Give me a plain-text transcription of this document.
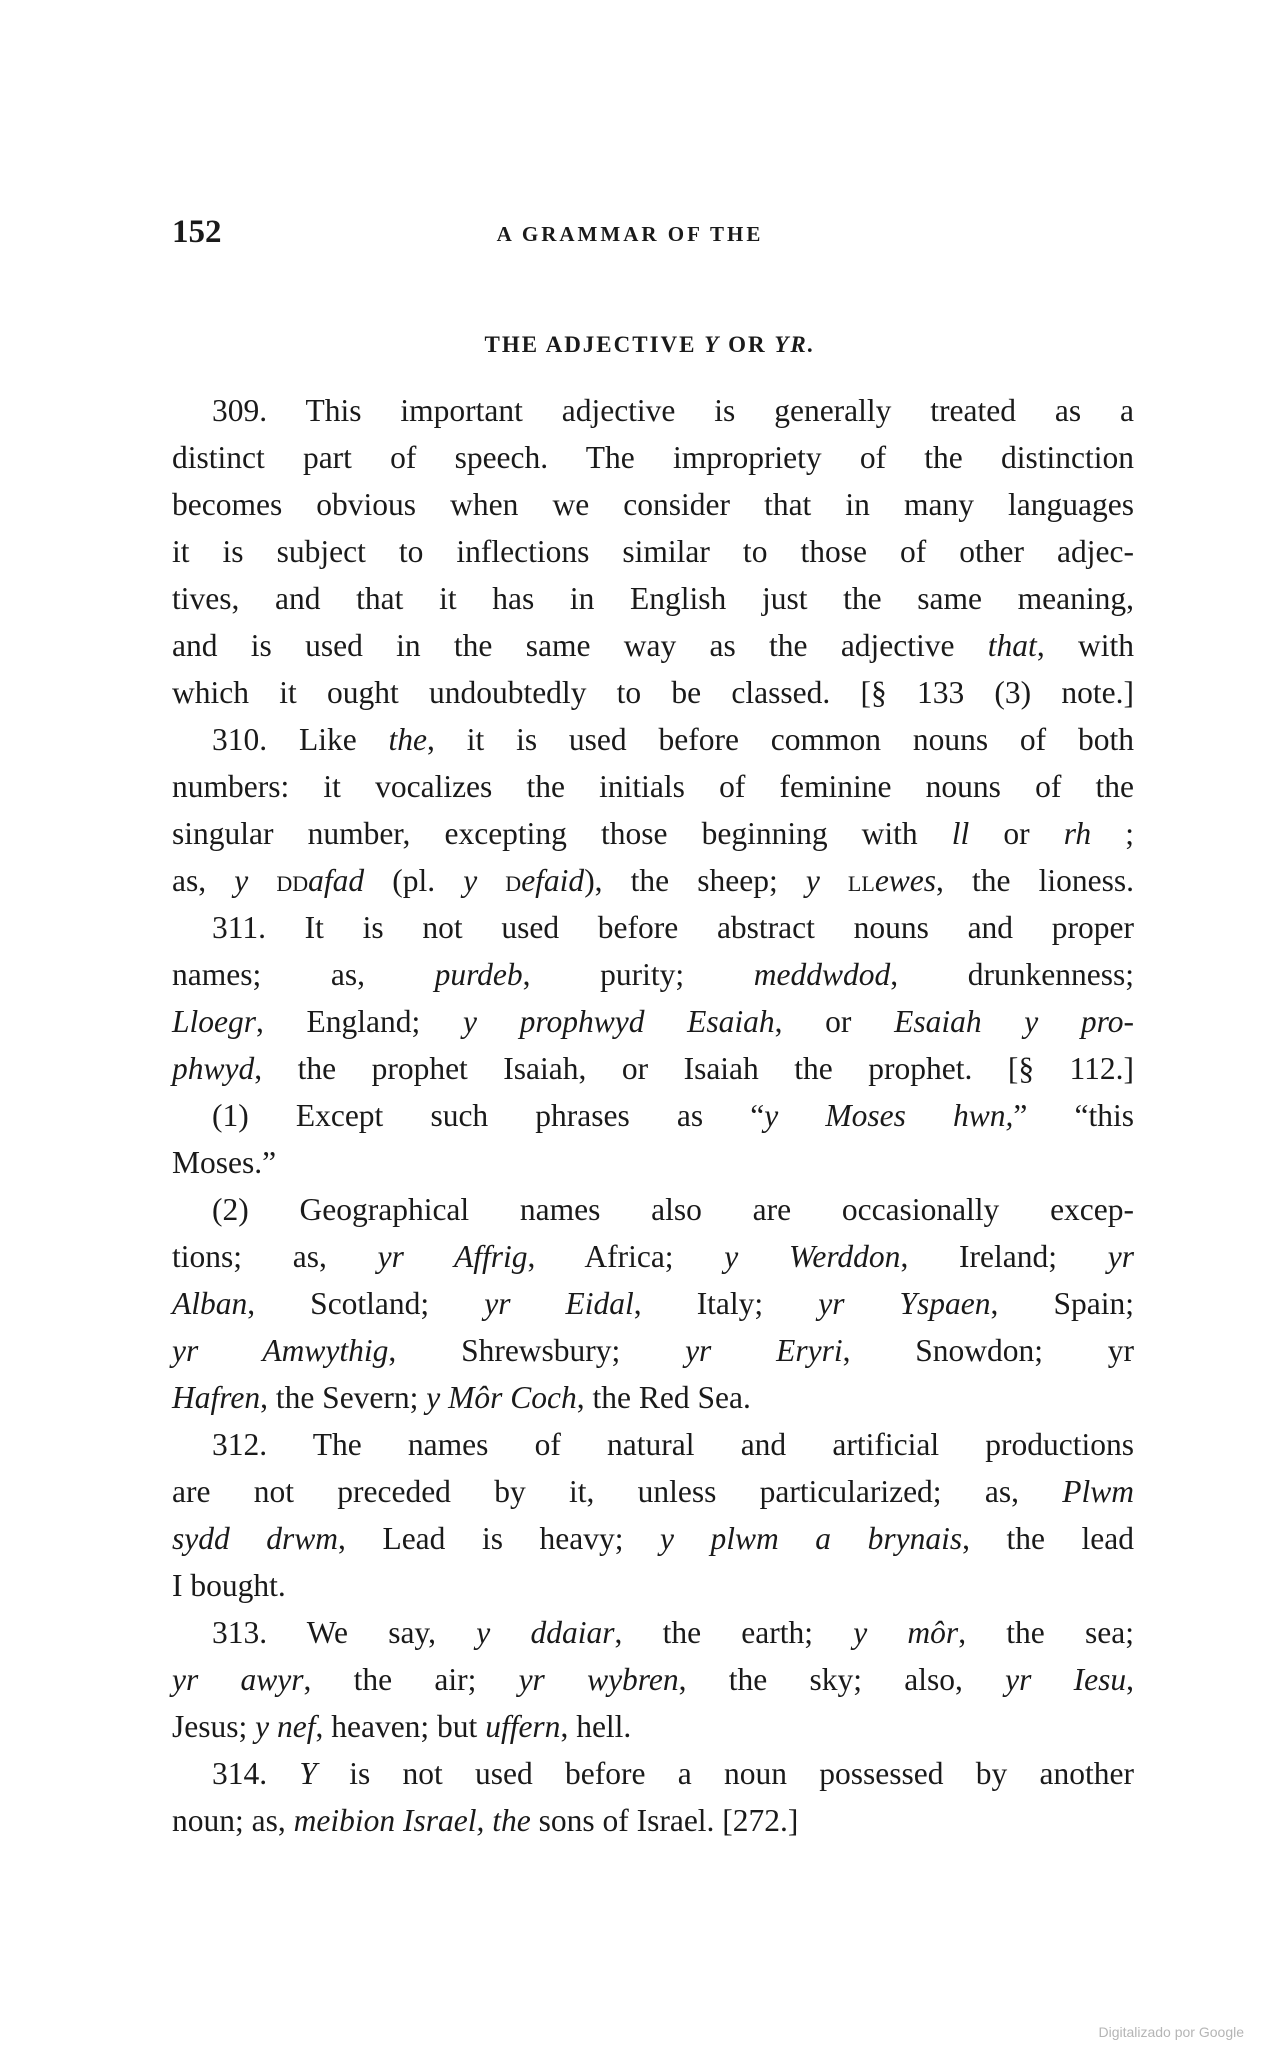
152	A GRAMMAR OF THE
THE ADJECTIVE Y OR YR.
309. This important adjective is generally treated as a
distinct part of speech. The impropriety of the distinction
becomes obvious when we consider that in many languages
it is subject to inflections similar to those of other adjec-
tives, and that it has in English just the same meaning,
and is used in the same way as the adjective that, with
which it ought undoubtedly to be classed. [§ 133 (3) note.]
310. Like the, it is used before common nouns of both
numbers: it vocalizes the initials of feminine nouns of the
singular number, excepting those beginning with ll or rh ;
as, y DDafad (pl. y Defaid), the sheep; y LLewes, the lioness.
311. It is not used before abstract nouns and proper
names; as, purdeb, purity; meddwdod, drunkenness;
Lloegr, England; y prophwyd Esaiah, or Esaiah y pro-
phwyd, the prophet Isaiah, or Isaiah the prophet. [§ 112.]
(1) Except such phrases as “y Moses hwn,” “this
Moses.”
(2) Geographical names also are occasionally excep-
tions; as, yr Affrig, Africa; y Werddon, Ireland; yr
Alban, Scotland; yr Eidal, Italy; yr Yspaen, Spain;
yr Amwythig, Shrewsbury; yr Eryri, Snowdon; yr
Hafren, the Severn; y Môr Coch, the Red Sea.
312. The names of natural and artificial productions
are not preceded by it, unless particularized; as, Plwm
sydd drwm, Lead is heavy; y plwm a brynais, the lead
I bought.
313. We say, y ddaiar, the earth; y môr, the sea;
yr awyr, the air; yr wybren, the sky; also, yr Iesu,
Jesus; y nef, heaven; but uffern, hell.
314. Y is not used before a noun possessed by another
noun; as, meibion Israel, the sons of Israel. [272.]
Digitalizado por Google
